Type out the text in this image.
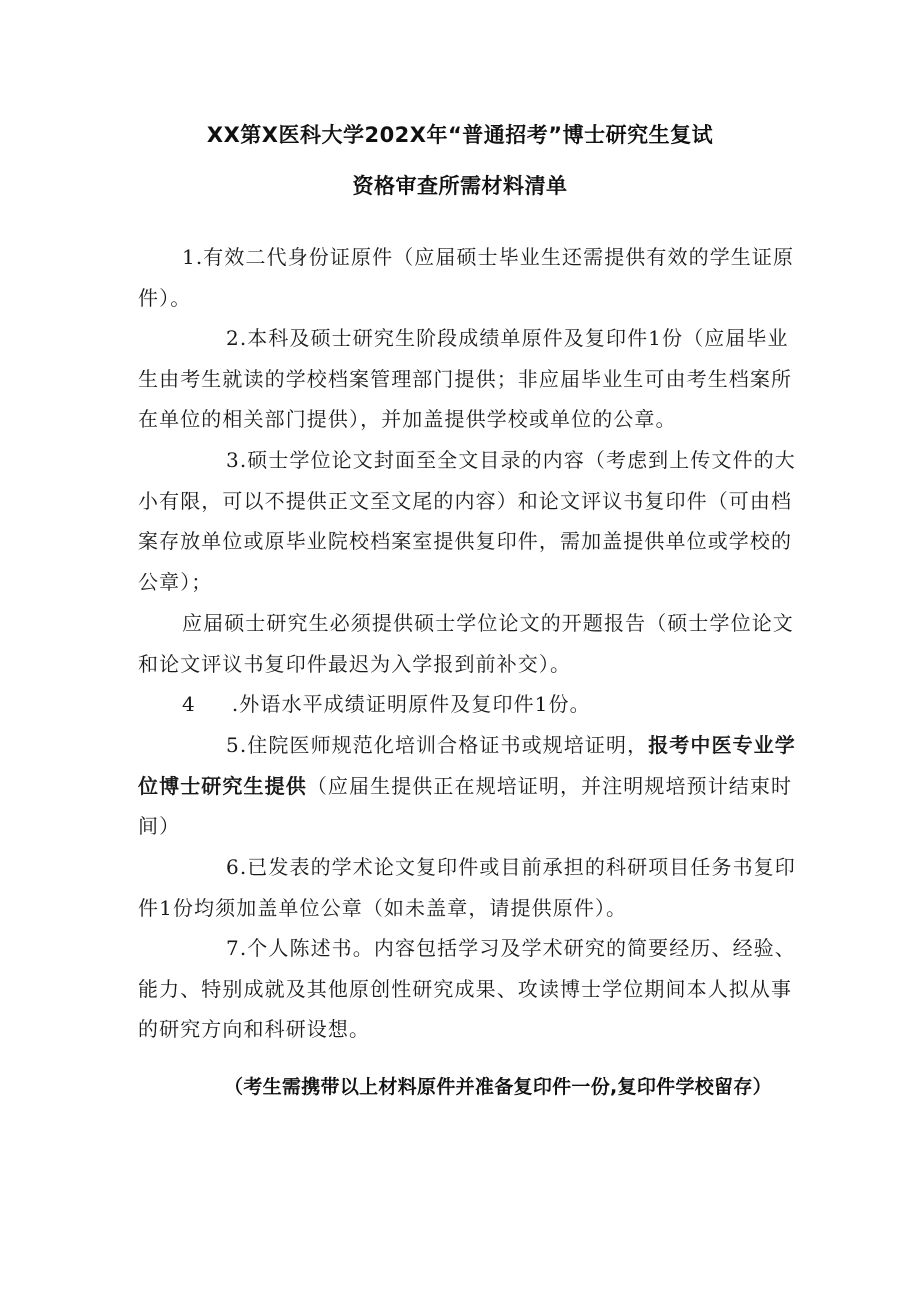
XX第X医科大学202X年“普通招考”博士研究生复试
资格审查所需材料清单

1.有效二代身份证原件（应届硕士毕业生还需提供有效的学生证原件）。

2.本科及硕士研究生阶段成绩单原件及复印件1份（应届毕业生由考生就读的学校档案管理部门提供；非应届毕业生可由考生档案所在单位的相关部门提供），并加盖提供学校或单位的公章。

3.硕士学位论文封面至全文目录的内容（考虑到上传文件的大小有限，可以不提供正文至文尾的内容）和论文评议书复印件（可由档案存放单位或原毕业院校档案室提供复印件，需加盖提供单位或学校的公章）；

应届硕士研究生必须提供硕士学位论文的开题报告（硕士学位论文和论文评议书复印件最迟为入学报到前补交）。

4 .外语水平成绩证明原件及复印件1份。

5.住院医师规范化培训合格证书或规培证明，报考中医专业学位博士研究生提供（应届生提供正在规培证明，并注明规培预计结束时间）

6.已发表的学术论文复印件或目前承担的科研项目任务书复印件1份均须加盖单位公章（如未盖章，请提供原件）。

7.个人陈述书。内容包括学习及学术研究的简要经历、经验、能力、特别成就及其他原创性研究成果、攻读博士学位期间本人拟从事的研究方向和科研设想。

（考生需携带以上材料原件并准备复印件一份,复印件学校留存）
